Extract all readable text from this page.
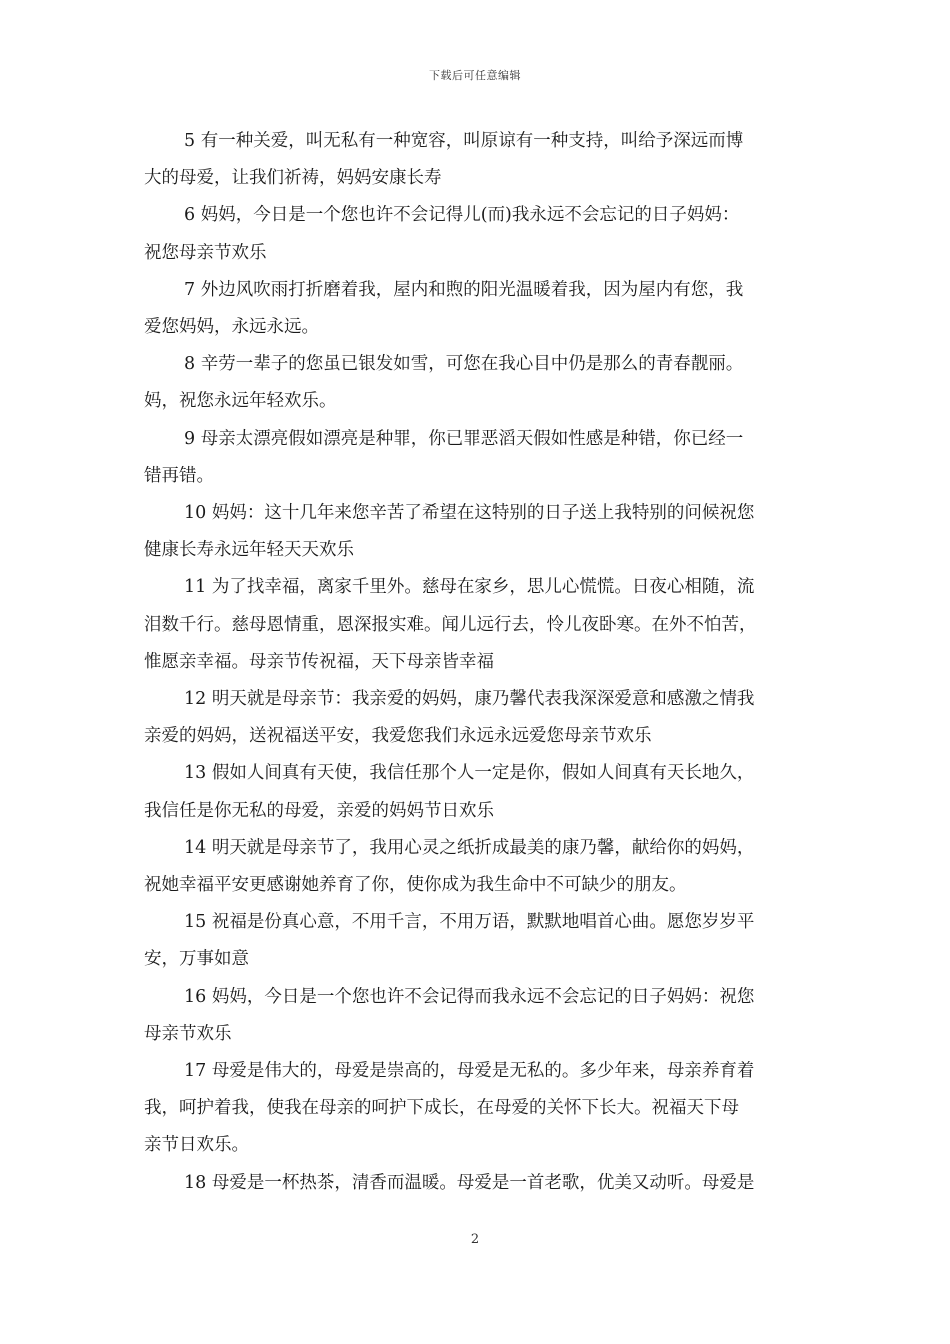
下载后可任意编辑

5 有一种关爱，叫无私有一种宽容，叫原谅有一种支持，叫给予深远而博
大的母爱，让我们祈祷，妈妈安康长寿

6 妈妈，今日是一个您也许不会记得儿(而)我永远不会忘记的日子妈妈：
祝您母亲节欢乐

7 外边风吹雨打折磨着我，屋内和煦的阳光温暖着我，因为屋内有您，我
爱您妈妈，永远永远。

8 辛劳一辈子的您虽已银发如雪，可您在我心目中仍是那么的青春靓丽。
妈，祝您永远年轻欢乐。

9 母亲太漂亮假如漂亮是种罪，你已罪恶滔天假如性感是种错，你已经一
错再错。

10 妈妈：这十几年来您辛苦了希望在这特别的日子送上我特别的问候祝您
健康长寿永远年轻天天欢乐

11 为了找幸福，离家千里外。慈母在家乡，思儿心慌慌。日夜心相随，流
泪数千行。慈母恩情重，恩深报实难。闻儿远行去，怜儿夜卧寒。在外不怕苦，
惟愿亲幸福。母亲节传祝福，天下母亲皆幸福

12 明天就是母亲节：我亲爱的妈妈，康乃馨代表我深深爱意和感激之情我
亲爱的妈妈，送祝福送平安，我爱您我们永远永远爱您母亲节欢乐

13 假如人间真有天使，我信任那个人一定是你，假如人间真有天长地久，
我信任是你无私的母爱，亲爱的妈妈节日欢乐

14 明天就是母亲节了，我用心灵之纸折成最美的康乃馨，献给你的妈妈，
祝她幸福平安更感谢她养育了你，使你成为我生命中不可缺少的朋友。

15 祝福是份真心意，不用千言，不用万语，默默地唱首心曲。愿您岁岁平
安，万事如意

16 妈妈，今日是一个您也许不会记得而我永远不会忘记的日子妈妈：祝您
母亲节欢乐

17 母爱是伟大的，母爱是崇高的，母爱是无私的。多少年来，母亲养育着
我，呵护着我，使我在母亲的呵护下成长，在母爱的关怀下长大。祝福天下母
亲节日欢乐。

18 母爱是一杯热茶，清香而温暖。母爱是一首老歌，优美又动听。母爱是

2
